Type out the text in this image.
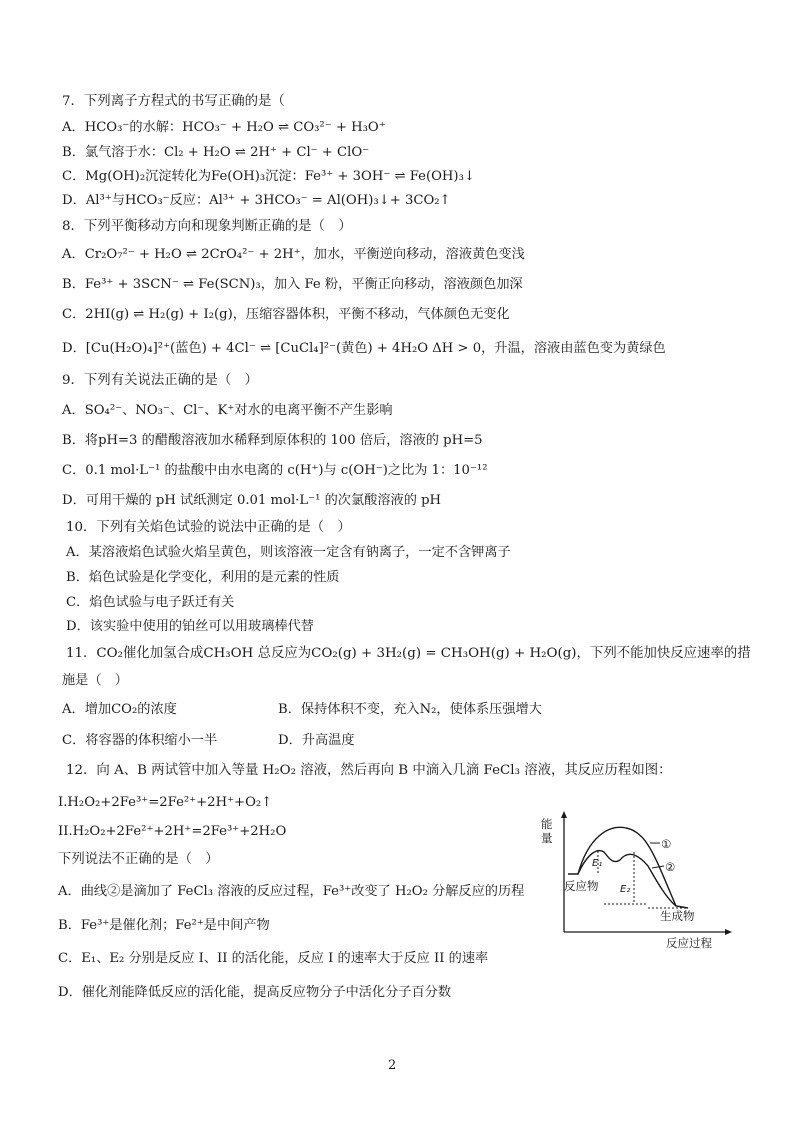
7．下列离子方程式的书写正确的是（
A．HCO₃⁻的水解：HCO₃⁻ + H₂O ⇌ CO₃²⁻ + H₃O⁺
B．氯气溶于水：Cl₂ + H₂O ⇌ 2H⁺ + Cl⁻ + ClO⁻
C．Mg(OH)₂沉淀转化为Fe(OH)₃沉淀：Fe³⁺ + 3OH⁻ ⇌ Fe(OH)₃↓
D．Al³⁺与HCO₃⁻反应：Al³⁺ + 3HCO₃⁻ = Al(OH)₃↓+ 3CO₂↑
8．下列平衡移动方向和现象判断正确的是（　）
A．Cr₂O₇²⁻ + H₂O ⇌ 2CrO₄²⁻ + 2H⁺，加水，平衡逆向移动，溶液黄色变浅
B．Fe³⁺ + 3SCN⁻ ⇌ Fe(SCN)₃，加入 Fe 粉，平衡正向移动，溶液颜色加深
C．2HI(g) ⇌ H₂(g) + I₂(g)，压缩容器体积，平衡不移动，气体颜色无变化
D．[Cu(H₂O)₄]²⁺(蓝色) + 4Cl⁻ ⇌ [CuCl₄]²⁻(黄色) + 4H₂O ΔH > 0，升温，溶液由蓝色变为黄绿色
9．下列有关说法正确的是（　）
A．SO₄²⁻、NO₃⁻、Cl⁻、K⁺对水的电离平衡不产生影响
B．将pH=3 的醋酸溶液加水稀释到原体积的 100 倍后，溶液的 pH=5
C．0.1 mol·L⁻¹ 的盐酸中由水电离的 c(H⁺)与 c(OH⁻)之比为 1：10⁻¹²
D．可用干燥的 pH 试纸测定 0.01 mol·L⁻¹ 的次氯酸溶液的 pH
10．下列有关焰色试验的说法中正确的是（　）
A．某溶液焰色试验火焰呈黄色，则该溶液一定含有钠离子，一定不含钾离子
B．焰色试验是化学变化，利用的是元素的性质
C．焰色试验与电子跃迁有关
D．该实验中使用的铂丝可以用玻璃棒代替
11．CO₂催化加氢合成CH₃OH 总反应为CO₂(g) + 3H₂(g) = CH₃OH(g) + H₂O(g)，下列不能加快反应速率的措
施是（　）
A．增加CO₂的浓度	B．保持体积不变，充入N₂，使体系压强增大
C．将容器的体积缩小一半	D．升高温度
12．向 A、B 两试管中加入等量 H₂O₂ 溶液，然后再向 B 中滴入几滴 FeCl₃ 溶液，其反应历程如图：
I.H₂O₂+2Fe³⁺=2Fe²⁺+2H⁺+O₂↑
II.H₂O₂+2Fe²⁺+2H⁺=2Fe³⁺+2H₂O
下列说法不正确的是（　）
A．曲线②是滴加了 FeCl₃ 溶液的反应过程，Fe³⁺改变了 H₂O₂ 分解反应的历程
B．Fe³⁺是催化剂；Fe²⁺是中间产物
C．E₁、E₂ 分别是反应 I、II 的活化能，反应 I 的速率大于反应 II 的速率
D．催化剂能降低反应的活化能，提高反应物分子中活化分子百分数
能
量
反应过程
E₁
E₂
反应物
生成物
①
②
2
